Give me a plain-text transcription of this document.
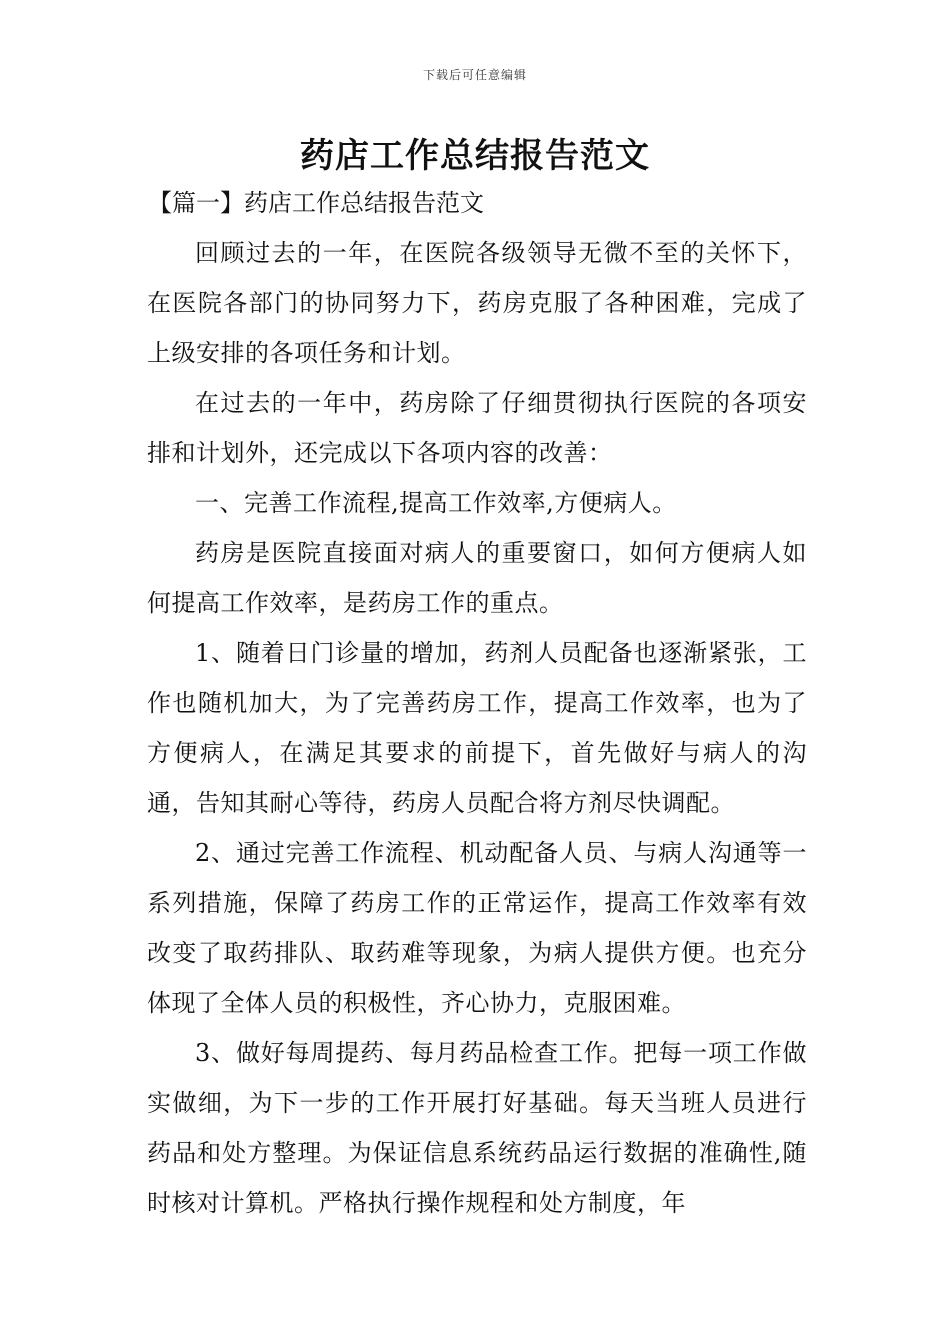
下载后可任意编辑
药店工作总结报告范文
【篇一】药店工作总结报告范文

回顾过去的一年，在医院各级领导无微不至的关怀下，在医院各部门的协同努力下，药房克服了各种困难，完成了上级安排的各项任务和计划。

在过去的一年中，药房除了仔细贯彻执行医院的各项安排和计划外，还完成以下各项内容的改善：

一、完善工作流程,提高工作效率,方便病人。

药房是医院直接面对病人的重要窗口，如何方便病人如何提高工作效率，是药房工作的重点。

1、随着日门诊量的增加，药剂人员配备也逐渐紧张，工作也随机加大，为了完善药房工作，提高工作效率，也为了方便病人，在满足其要求的前提下，首先做好与病人的沟通，告知其耐心等待，药房人员配合将方剂尽快调配。

2、通过完善工作流程、机动配备人员、与病人沟通等一系列措施，保障了药房工作的正常运作，提高工作效率有效改变了取药排队、取药难等现象，为病人提供方便。也充分体现了全体人员的积极性，齐心协力，克服困难。

3、做好每周提药、每月药品检查工作。把每一项工作做实做细，为下一步的工作开展打好基础。每天当班人员进行药品和处方整理。为保证信息系统药品运行数据的准确性,随时核对计算机。严格执行操作规程和处方制度，年
